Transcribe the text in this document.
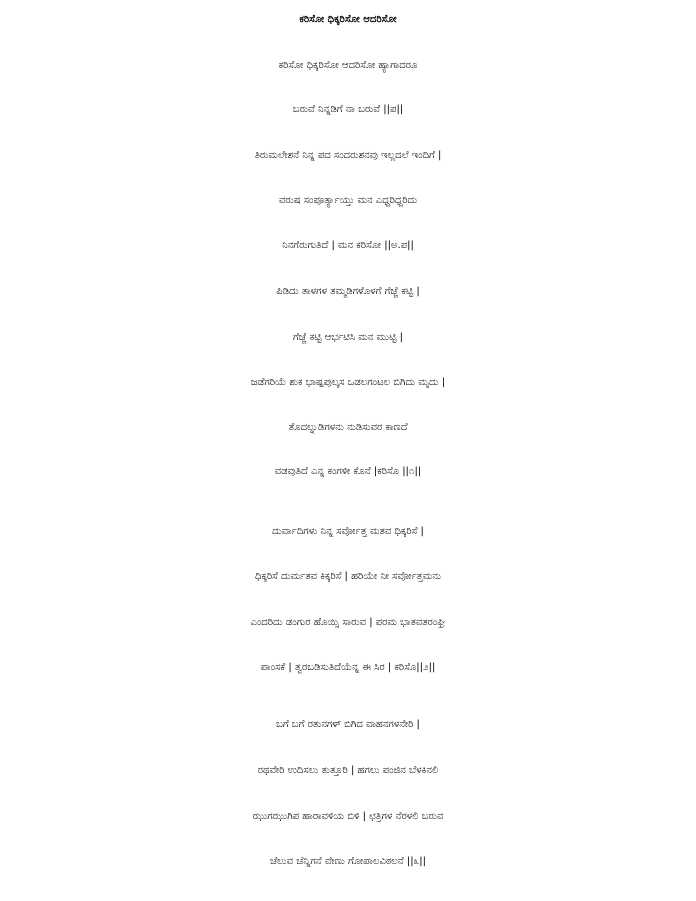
ಕರಿಸೋ ಧಿಕ್ಕರಿಸೋ ಆದರಿಸೋ
ಕರಿಸೋ ಧಿಕ್ಕರಿಸೋ ಆದರಿಸೋ ಹ್ಯಾಗಾದರೂ
ಬರುವೆ ನಿನ್ನಡಿಗೆ ನಾ ಬರುವೆ ||ಪ||
ತಿರುಮಲೇಶನೆ ನಿನ್ನ ಪದ ಸಂದರುಶನವು ಇಲ್ಲದಲೆ ಇಂದಿಗೆ |
ವರುಷ ಸಂಪೂರ್ತ್ಯಾಯ್ತು ಮನ ಎಧ್ದರಿಧ್ದರಿದು
ನಿನಗೆರುಗುತಿದೆ | ಮನ ಕರಿಸೋ ||ಅ.ಪ||
ಪಿಡಿದು ತಾಳಗಳ ತಮ್ಮಡಿಗಳೊಳಗೆ ಗೆಜ್ಜೆ ಕಟ್ಟಿ |
ಗೆಜ್ಜೆ ಕಟ್ಟಿ ಆರ್ಭಟಿಸಿ ಮನ ಮುಟ್ಟಿ |
ಜಡೆಗರಿಯೆ ಶುಕ ಭಾಷ್ಪಪುಲ್ಕಸ ಒಡಲಗಂಟಲ ಬಿಗಿದು ಮೃದು |
ತೊದಲ್ನುಡಿಗಳನು ನುಡಿಸುವರ ಕಾಣದೆ
ವಡವುತಿದೆ ಎನ್ನ ಕಂಗಳೀ ಕೊನೆ |ಕರಿಸೊ ||೧||
ದುರ್ವಾದಿಗಳು ನಿನ್ನ ಸರ್ವೋತ್ತ ಮತವ ಧಿಕ್ಕರಿಸೆ |
ಧಿಕ್ಕರಿಸೆ ದುರ್ಮತವ ಕಿಕ್ಕರಿಸೆ | ಹರಿಯೇ ನೀ ಸರ್ವೋತ್ತಮನು
ಎಂದರಿದು ಡಂಗುರ ಹೊಯ್ಸಿ ಸಾರುವ | ಪರಮ ಭಾತವತರಂಘ್ರಿ
ಪಾಂಸಕೆ | ತ್ವರಬಡಿಸುತಿದೆಯೆನ್ನ ಈ ಸಿರ | ಕರಿಸೊ||೨||
ಬಗೆ ಬಗೆ ರತುನಗಳ್ ಬಿಗಿದ ವಾಹನಗಳನೇರಿ |
ರಥವೇರಿ ಉದಿಸಲು ತುತ್ತೂರಿ | ಹಗಲು ಪಂಜಿನ ಬೆಳಕಿನಲಿ
ಝುಗಝುಗಿಪ ಹಾರಾವಳಿಯ ಬಿಳಿ | ಛತ್ರಿಗಳ ನೆರಳಲಿ ಬರುವ
ಚೆಲುವ ಚೆನ್ನಿಗನೆ ವೇಣು ಗೋಪಾಲವಿಠಲನೆ ||೩||
